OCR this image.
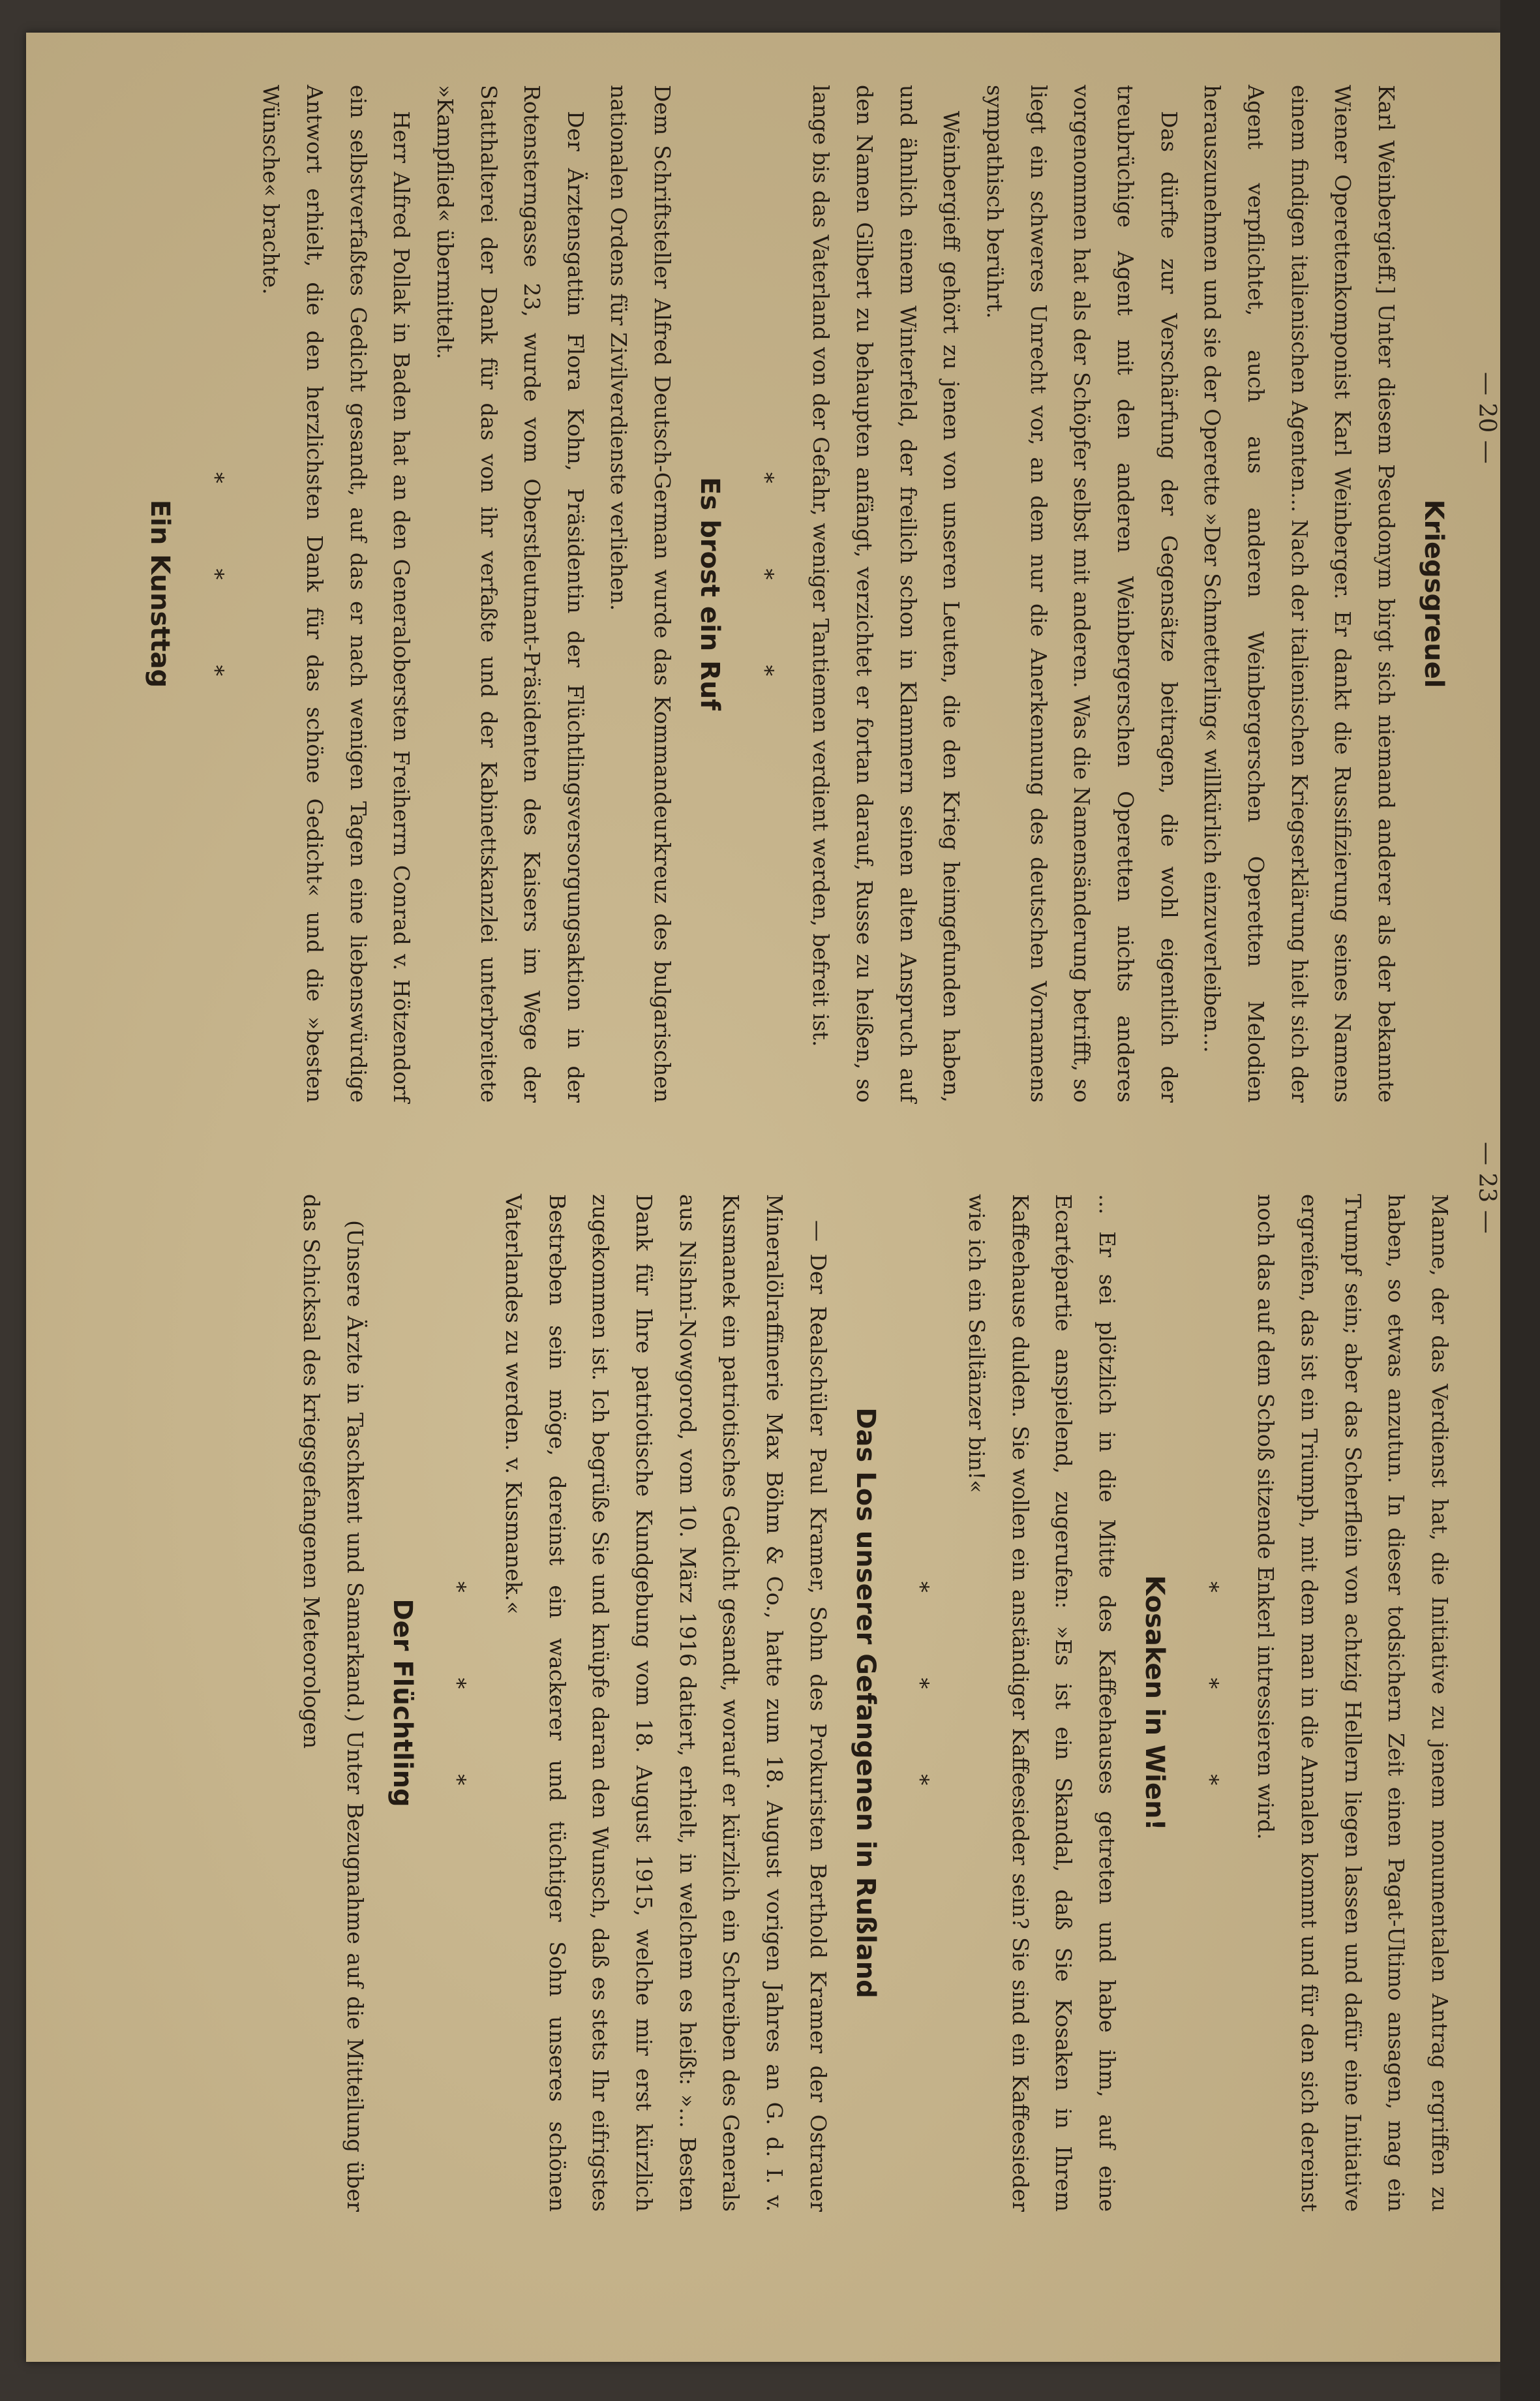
— 20 —
— 23 —
Kriegsgreuel

Karl Weinbergieff.] Unter diesem Pseudonym birgt sich niemand anderer als der bekannte Wiener Operettenkomponist Karl Weinberger. Er dankt die Russifizierung seines Namens einem findigen italienischen Agenten... Nach der italienischen Kriegserklärung hielt sich der Agent verpflichtet, auch aus anderen Weinbergerschen Operetten Melodien herauszunehmen und sie der Operette »Der Schmetterling« willkürlich einzuverleiben...

Das dürfte zur Verschärfung der Gegensätze beitragen, die wohl eigentlich der treubrüchige Agent mit den anderen Weinbergerschen Operetten nichts anderes vorgenommen hat als der Schöpfer selbst mit anderen. Was die Namensänderung betrifft, so liegt ein schweres Unrecht vor, an dem nur die Anerkennung des deutschen Vornamens sympathisch berührt.

Weinbergieff gehört zu jenen von unseren Leuten, die den Krieg heimgefunden haben, und ähnlich einem Winterfeld, der freilich schon in Klammern seinen alten Anspruch auf den Namen Gilbert zu behaupten anfängt, verzichtet er fortan darauf, Russe zu heißen, so lange bis das Vaterland von der Gefahr, weniger Tantiemen verdient werden, befreit ist.

* * *
Es brost ein Ruf

Dem Schriftsteller Alfred Deutsch-German wurde das Kommandeurkreuz des bulgarischen nationalen Ordens für Zivilverdienste verliehen.

Der Ärztensgattin Flora Kohn, Präsidentin der Flüchtlingsversorgungsaktion in der Rotensterngasse 23, wurde vom Oberstleutnant-Präsidenten des Kaisers im Wege der Statthalterei der Dank für das von ihr verfaßte und der Kabinettskanzlei unterbreitete »Kampflied« übermittelt.

Herr Alfred Pollak in Baden hat an den Generalobersten Freiherrn Conrad v. Hötzendorf ein selbstverfaßtes Gedicht gesandt, auf das er nach wenigen Tagen eine liebenswürdige Antwort erhielt, die den herzlichsten Dank für das schöne Gedicht« und die »besten Wünsche« brachte.

* * *
Ein Kunsttag

Manne, der das Verdienst hat, die Initiative zu jenem monumentalen Antrag ergriffen zu haben, so etwas anzutun. In dieser todsichern Zeit einen Pagat-Ultimo ansagen, mag ein Trumpf sein; aber das Scherflein von achtzig Hellern liegen lassen und dafür eine Initiative ergreifen, das ist ein Triumph, mit dem man in die Annalen kommt und für den sich dereinst noch das auf dem Schoß sitzende Enkerl intressieren wird.

* * *
Kosaken in Wien!

... Er sei plötzlich in die Mitte des Kaffeehauses getreten und habe ihm, auf eine Ecartépartie anspielend, zugerufen: »Es ist ein Skandal, daß Sie Kosaken in Ihrem Kaffeehause dulden. Sie wollen ein anständiger Kaffeesieder sein? Sie sind ein Kaffeesieder wie ich ein Seiltänzer bin!«

* * *
Das Los unserer Gefangenen in Rußland

— Der Realschüler Paul Kramer, Sohn des Prokuristen Berthold Kramer der Ostrauer Mineralölraffinerie Max Böhm & Co., hatte zum 18. August vorigen Jahres an G. d. I. v. Kusmanek ein patriotisches Gedicht gesandt, worauf er kürzlich ein Schreiben des Generals aus Nishni-Nowgorod, vom 10. März 1916 datiert, erhielt, in welchem es heißt: »... Besten Dank für Ihre patriotische Kundgebung vom 18. August 1915, welche mir erst kürzlich zugekommen ist. Ich begrüße Sie und knüpfe daran den Wunsch, daß es stets Ihr eifrigstes Bestreben sein möge, dereinst ein wackerer und tüchtiger Sohn unseres schönen Vaterlandes zu werden. v. Kusmanek.«

* * *
Der Flüchtling

(Unsere Ärzte in Taschkent und Samarkand.) Unter Bezugnahme auf die Mitteilung über das Schicksal des kriegsgefangenen Meteorologen
